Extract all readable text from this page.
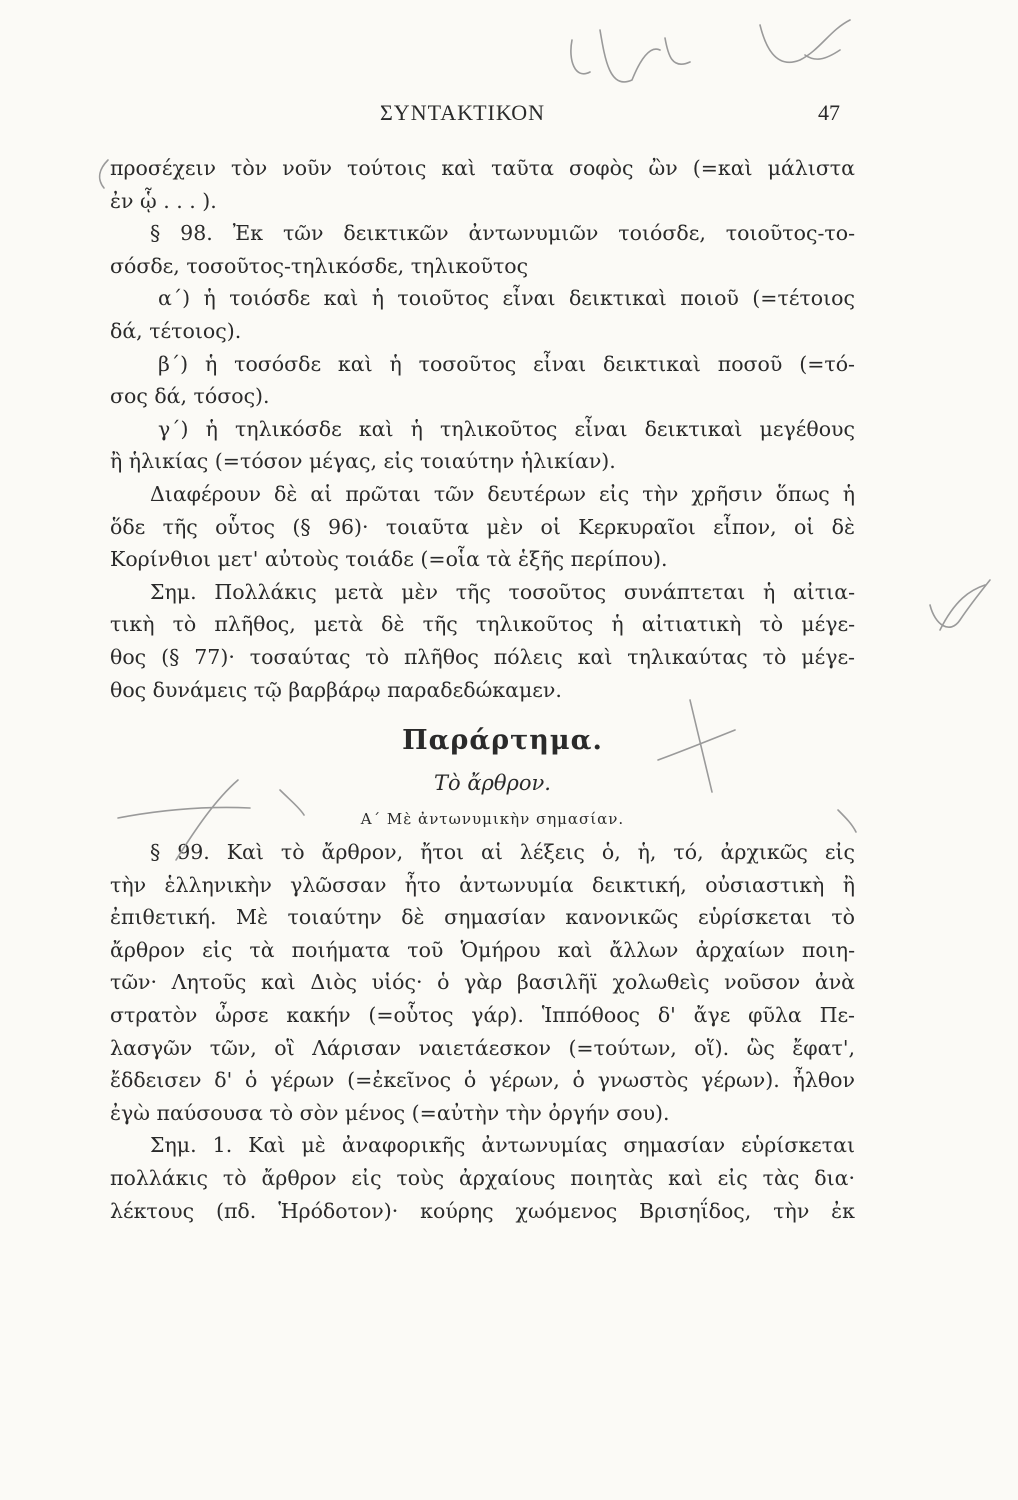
ΣΥΝΤΑΚΤΙΚΟΝ	47
προσέχειν τὸν νοῦν τούτοις καὶ ταῦτα σοφὸς ὢν (=καὶ μάλιστα
ἐν ᾧ . . . ).
§ 98. Ἐκ τῶν δεικτικῶν ἀντωνυμιῶν τοιόσδε, τοιοῦτος-το-
σόσδε, τοσοῦτος-τηλικόσδε, τηλικοῦτος
α΄) ἡ τοιόσδε καὶ ἡ τοιοῦτος εἶναι δεικτικαὶ ποιοῦ (=τέτοιος
δά, τέτοιος).
β΄) ἡ τοσόσδε καὶ ἡ τοσοῦτος εἶναι δεικτικαὶ ποσοῦ (=τό-
σος δά, τόσος).
γ΄) ἡ τηλικόσδε καὶ ἡ τηλικοῦτος εἶναι δεικτικαὶ μεγέθους
ἢ ἡλικίας (=τόσον μέγας, εἰς τοιαύτην ἡλικίαν).
Διαφέρουν δὲ αἱ πρῶται τῶν δευτέρων εἰς τὴν χρῆσιν ὅπως ἡ
ὅδε τῆς οὗτος (§ 96)· τοιαῦτα μὲν οἱ Κερκυραῖοι εἶπον, οἱ δὲ
Κορίνθιοι μετ' αὐτοὺς τοιάδε (=οἷα τὰ ἑξῆς περίπου).
Σημ. Πολλάκις μετὰ μὲν τῆς τοσοῦτος συνάπτεται ἡ αἰτια-
τικὴ τὸ πλῆθος, μετὰ δὲ τῆς τηλικοῦτος ἡ αἰτιατικὴ τὸ μέγε-
θος (§ 77)· τοσαύτας τὸ πλῆθος πόλεις καὶ τηλικαύτας τὸ μέγε-
θος δυνάμεις τῷ βαρβάρῳ παραδεδώκαμεν.
Παράρτημα.
Τὸ ἄρθρον.
Α΄ Μὲ ἀντωνυμικὴν σημασίαν.
§ 99. Καὶ τὸ ἄρθρον, ἤτοι αἱ λέξεις ὁ, ἡ, τό, ἀρχικῶς εἰς
τὴν ἑλληνικὴν γλῶσσαν ἦτο ἀντωνυμία δεικτική, οὐσιαστικὴ ἢ
ἐπιθετική. Μὲ τοιαύτην δὲ σημασίαν κανονικῶς εὑρίσκεται τὸ
ἄρθρον εἰς τὰ ποιήματα τοῦ Ὁμήρου καὶ ἄλλων ἀρχαίων ποιη-
τῶν· Λητοῦς καὶ Διὸς υἱός· ὁ γὰρ βασιλῆϊ χολωθεὶς νοῦσον ἀνὰ
στρατὸν ὦρσε κακήν (=οὗτος γάρ). Ἱππόθοος δ' ἄγε φῦλα Πε-
λασγῶν τῶν, οἳ Λάρισαν ναιετάεσκον (=τούτων, οἵ). ὣς ἔφατ',
ἔδδεισεν δ' ὁ γέρων (=ἐκεῖνος ὁ γέρων, ὁ γνωστὸς γέρων). ἦλθον
ἐγὼ παύσουσα τὸ σὸν μένος (=αὐτὴν τὴν ὀργήν σου).
Σημ. 1. Καὶ μὲ ἀναφορικῆς ἀντωνυμίας σημασίαν εὑρίσκεται
πολλάκις τὸ ἄρθρον εἰς τοὺς ἀρχαίους ποιητὰς καὶ εἰς τὰς δια·
λέκτους (πδ. Ἡρόδοτον)· κούρης χωόμενος Βρισηΐδος, τὴν ἐκ
